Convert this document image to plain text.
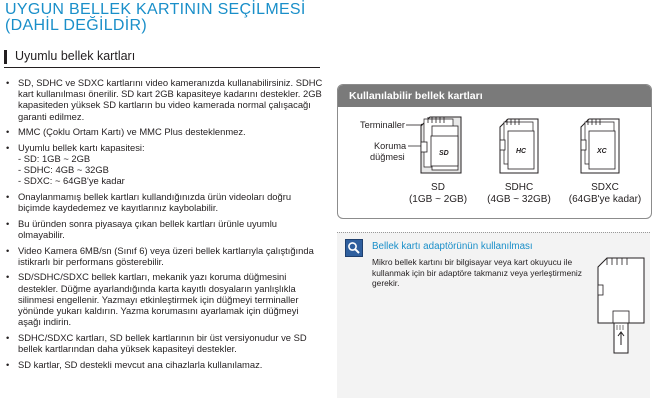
UYGUN BELLEK KARTININ SEÇİLMESİ
(DAHİL DEĞİLDİR)
Uyumlu bellek kartları
• SD, SDHC ve SDXC kartlarını video kameranızda kullanabilirsiniz. SDHC kart kullanılması önerilir. SD kart 2GB kapasiteye kadarını destekler. 2GB kapasiteden yüksek SD kartların bu video kamerada normal çalışacağı garanti edilmez.
• MMC (Çoklu Ortam Kartı) ve MMC Plus desteklenmez.
• Uyumlu bellek kartı kapasitesi:
- SD: 1GB ~ 2GB
- SDHC: 4GB ~ 32GB
- SDXC: ~ 64GB'ye kadar
• Onaylanmamış bellek kartları kullandığınızda ürün videoları doğru biçimde kaydedemez ve kayıtlarınız kaybolabilir.
• Bu üründen sonra piyasaya çıkan bellek kartları ürünle uyumlu olmayabilir.
• Video Kamera 6MB/sn (Sınıf 6) veya üzeri bellek kartlarıyla çalıştığında istikrarlı bir performans gösterebilir.
• SD/SDHC/SDXC bellek kartları, mekanik yazı koruma düğmesini destekler. Düğme ayarlandığında karta kayıtlı dosyaların yanlışlıkla silinmesi engellenir. Yazmayı etkinleştirmek için düğmeyi terminaller yönünde yukarı kaldırın. Yazma korumasını ayarlamak için düğmeyi aşağı indirin.
• SDHC/SDXC kartları, SD bellek kartlarının bir üst versiyonudur ve SD bellek kartlarından daha yüksek kapasiteyi destekler.
• SD kartlar, SD destekli mevcut ana cihazlarla kullanılamaz.
Kullanılabilir bellek kartları
Terminaller
Koruma
düğmesi	SD	HC	XC
SD
(1GB ~ 2GB)
SDHC
(4GB ~ 32GB)
SDXC
(64GB'ye kadar)
Bellek kartı adaptörünün kullanılması
Mikro bellek kartını bir bilgisayar veya kart okuyucu ile kullanmak için bir adaptöre takmanız veya yerleştirmeniz gerekir.
